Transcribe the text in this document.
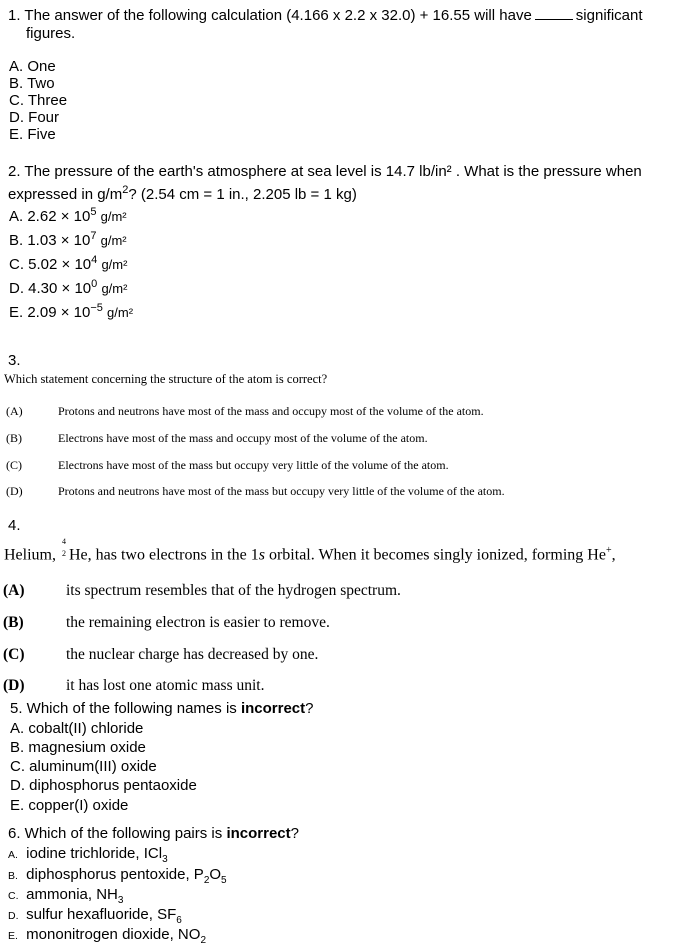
1. The answer of the following calculation (4.166 x 2.2 x 32.0) + 16.55 will have	significant
figures.
A. One
B. Two
C. Three
D. Four
E. Five
2. The pressure of the earth's atmosphere at sea level is 14.7 lb/in² . What is the pressure when
expressed in $g/m^2$? (2.54 cm = 1 in., 2.205 lb = 1 kg)
A. $2.62 \times 10^5$ g/m²
B. $1.03 \times 10^7$ g/m²
C. $5.02 \times 10^4$ g/m²
D. $4.30 \times 10^0$ g/m²
E. $2.09 \times 10^{-5}$ g/m²
3.
Which statement concerning the structure of the atom is correct?
(A)	Protons and neutrons have most of the mass and occupy most of the volume of the atom.
(B)	Electrons have most of the mass and occupy most of the volume of the atom.
(C)	Electrons have most of the mass but occupy very little of the volume of the atom.
(D)	Protons and neutrons have most of the mass but occupy very little of the volume of the atom.
4.
Helium,
4
2 He, has two electrons in the 1s orbital. When it becomes singly ionized, forming He+,
(A)	its spectrum resembles that of the hydrogen spectrum.
(B)	the remaining electron is easier to remove.
(C)	the nuclear charge has decreased by one.
(D)	it has lost one atomic mass unit.
5. Which of the following names is incorrect?
A. cobalt(II) chloride
B. magnesium oxide
C. aluminum(III) oxide
D. diphosphorus pentaoxide
E. copper(I) oxide
6. Which of the following pairs is incorrect?
A. iodine trichloride, ICl$_3$
B. diphosphorus pentoxide, $P_2O_5$
C. ammonia, $NH_3$
D. sulfur hexafluoride, $SF_6$
E. mononitrogen dioxide, $NO_2$
